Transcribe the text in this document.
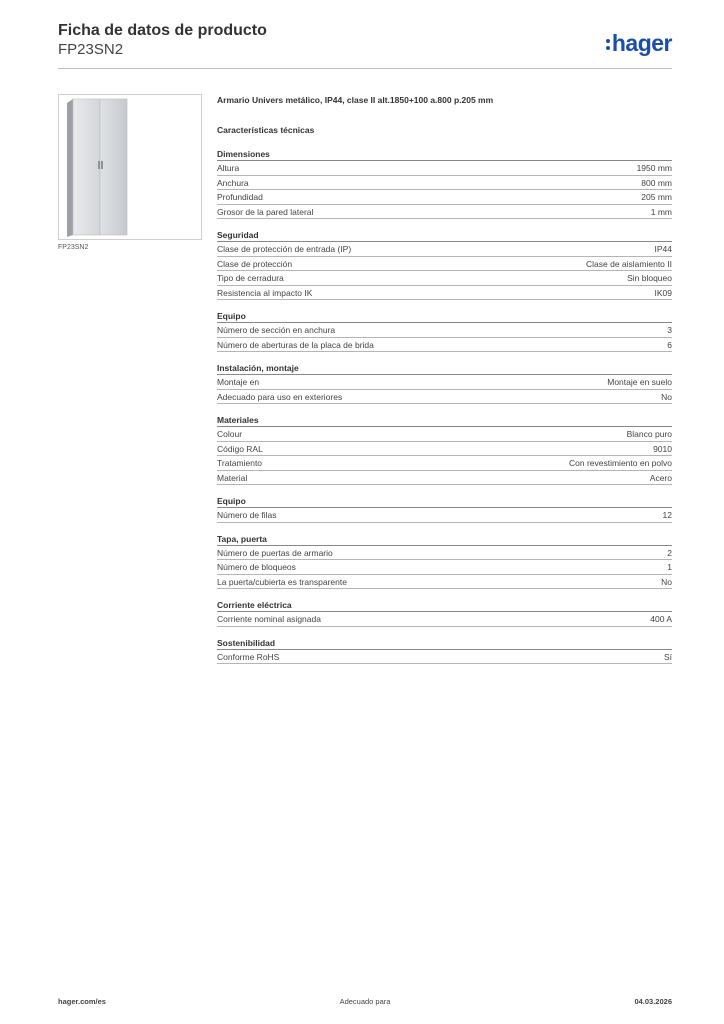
Ficha de datos de producto
FP23SN2	hager
FP23SN2
Armario Univers metálico, IP44, clase II alt.1850+100 a.800 p.205 mm
Características técnicas
Dimensiones
Altura	1950 mm
Anchura	800 mm
Profundidad	205 mm
Grosor de la pared lateral	1 mm
Seguridad
Clase de protección de entrada (IP)	IP44
Clase de protección	Clase de aislamiento II
Tipo de cerradura	Sin bloqueo
Resistencia al impacto IK	IK09
Equipo
Número de sección en anchura	3
Número de aberturas de la placa de brida	6
Instalación, montaje
Montaje en	Montaje en suelo
Adecuado para uso en exteriores	No
Materiales
Colour	Blanco puro
Código RAL	9010
Tratamiento	Con revestimiento en polvo
Material	Acero
Equipo
Número de filas	12
Tapa, puerta
Número de puertas de armario	2
Número de bloqueos	1
La puerta/cubierta es transparente	No
Corriente eléctrica
Corriente nominal asignada	400 A
Sostenibilidad
Conforme RoHS	Sí
hager.com/es	Adecuado para	04.03.2026
